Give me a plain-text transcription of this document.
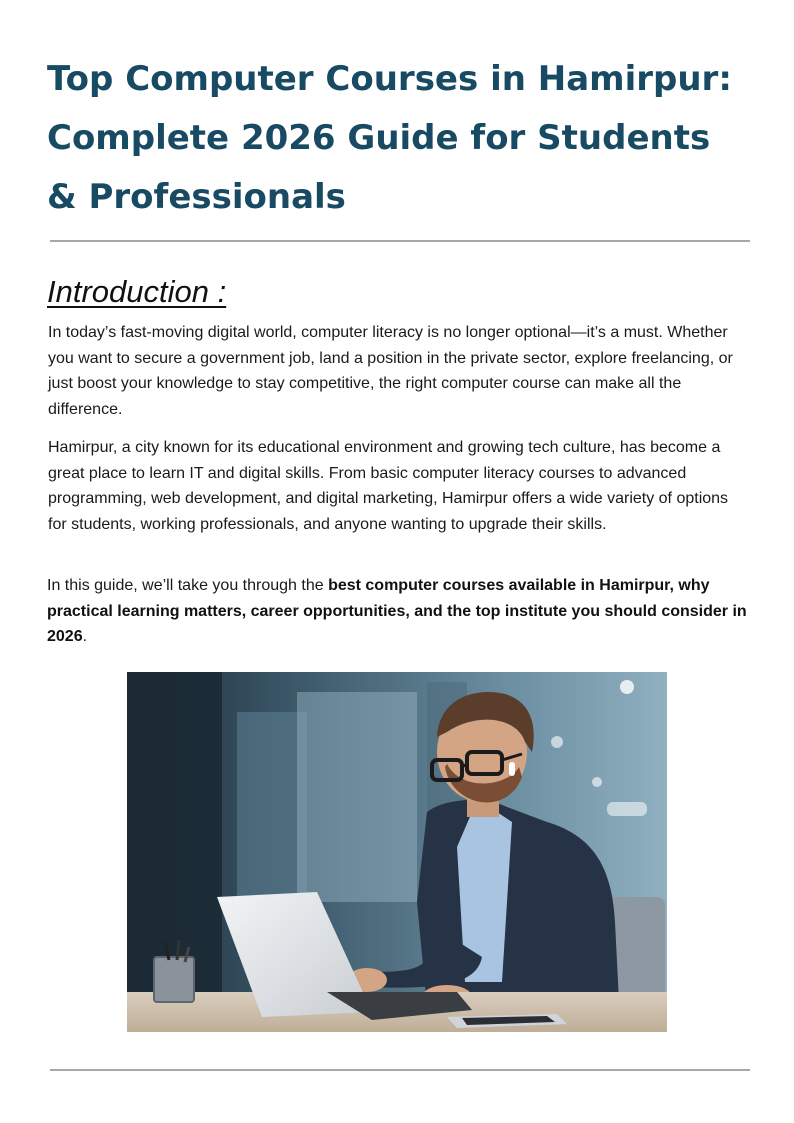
Top Computer Courses in Hamirpur: Complete 2026 Guide for Students & Professionals
Introduction :

In today’s fast-moving digital world, computer literacy is no longer optional—it’s a must. Whether you want to secure a government job, land a position in the private sector, explore freelancing, or just boost your knowledge to stay competitive, the right computer course can make all the difference.

Hamirpur, a city known for its educational environment and growing tech culture, has become a great place to learn IT and digital skills. From basic computer literacy courses to advanced programming, web development, and digital marketing, Hamirpur offers a wide variety of options for students, working professionals, and anyone wanting to upgrade their skills.

In this guide, we’ll take you through the best computer courses available in Hamirpur, why practical learning matters, career opportunities, and the top institute you should consider in 2026.
